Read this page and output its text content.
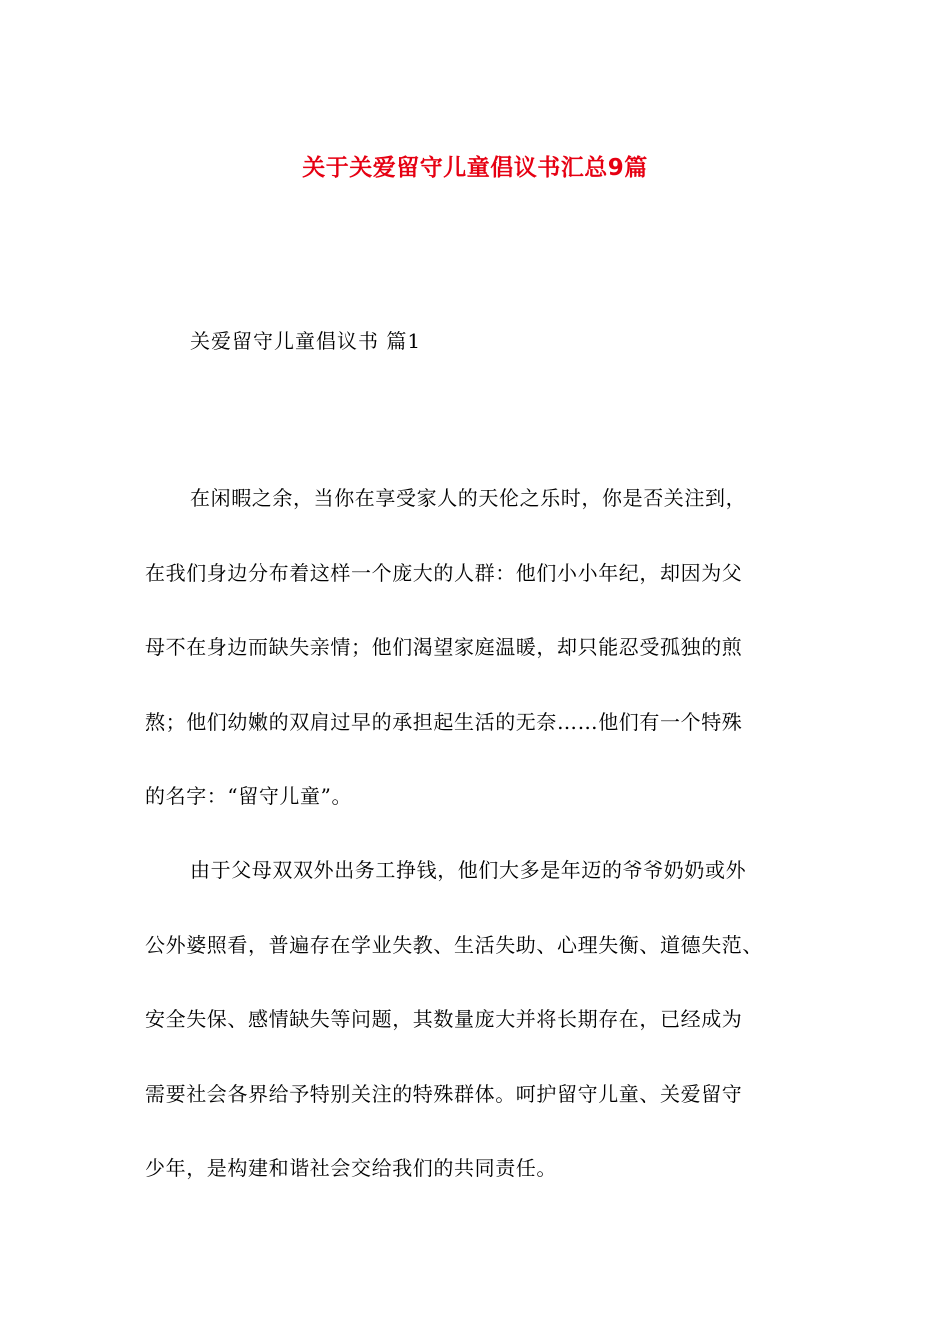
关于关爱留守儿童倡议书汇总9篇
关爱留守儿童倡议书 篇1

在闲暇之余，当你在享受家人的天伦之乐时，你是否关注到，
在我们身边分布着这样一个庞大的人群：他们小小年纪，却因为父
母不在身边而缺失亲情；他们渴望家庭温暖，却只能忍受孤独的煎
熬；他们幼嫩的双肩过早的承担起生活的无奈……他们有一个特殊
的名字：“留守儿童”。

由于父母双双外出务工挣钱，他们大多是年迈的爷爷奶奶或外
公外婆照看，普遍存在学业失教、生活失助、心理失衡、道德失范、
安全失保、感情缺失等问题，其数量庞大并将长期存在，已经成为
需要社会各界给予特别关注的特殊群体。呵护留守儿童、关爱留守
少年，是构建和谐社会交给我们的共同责任。
